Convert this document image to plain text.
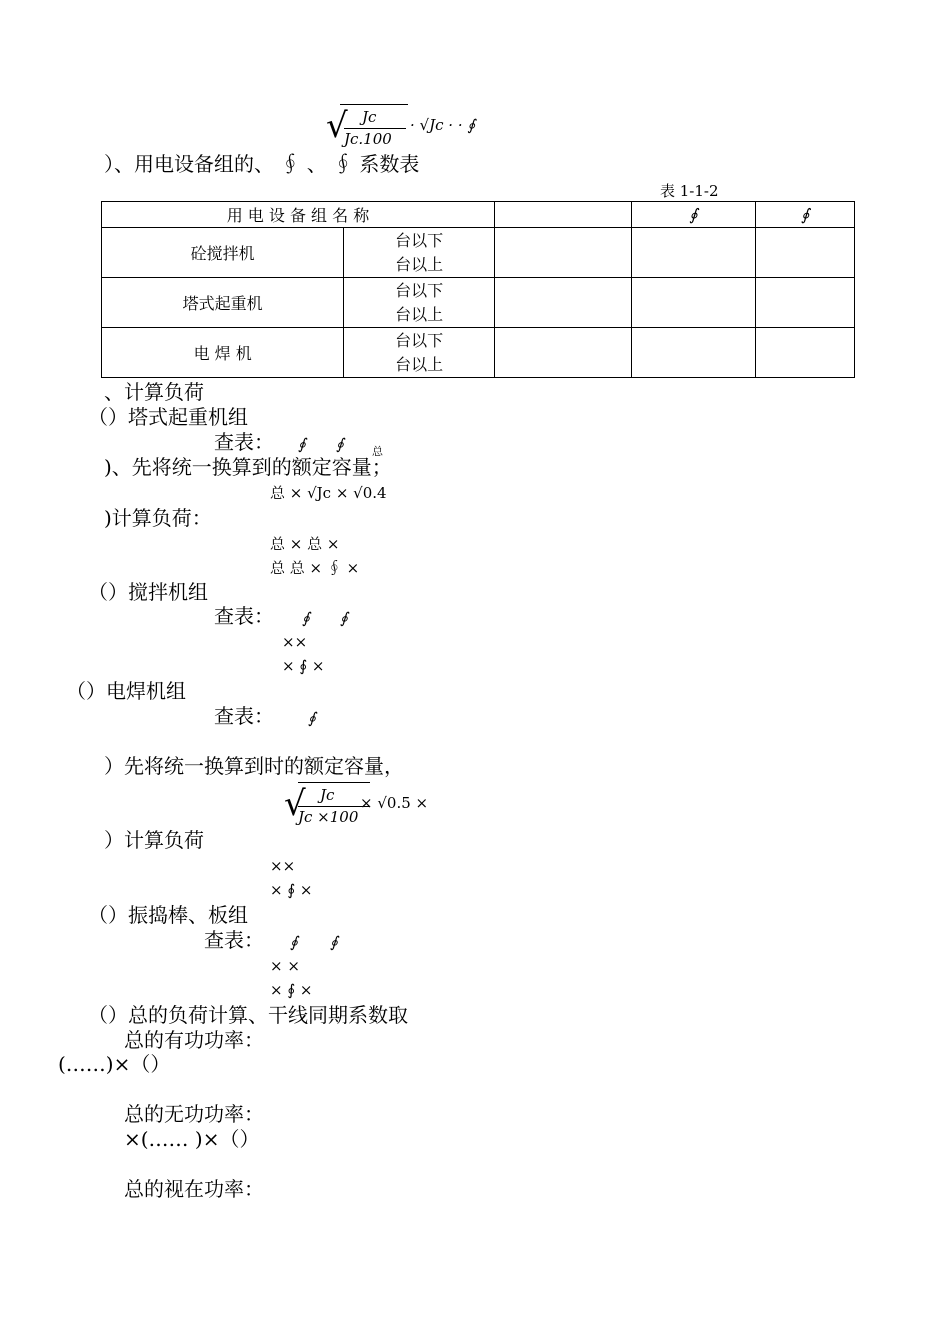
√ Jc
Jc.100
· √Jc · · ∮
）、用电设备组的、 ∮ 、 ∮ 系数表
表 1-1-2
用 电 设 备 组 名 称			∮	∮
砼搅拌机	台以下
台以上			
塔式起重机	台以下
台以上			
电 焊 机	台以下
台以上			
、计算负荷
（）塔式起重机组
查表： ∮ ∮	总
)、先将统一换算到的额定容量；
总 × √Jc × √0.4
)计算负荷：
总 × 总 ×
总 总 × ∮ ×
（）搅拌机组
查表： ∮ ∮
××
× ∮ ×
（）电焊机组
查表： ∮
）先将统一换算到时的额定容量，
√ Jc
Jc ×100
× √0.5 ×
）计算负荷
××
× ∮ ×
（）振捣棒、板组
查表： ∮ ∮
× ×
× ∮ ×
（）总的负荷计算、干线同期系数取
总的有功功率：
(……)×（）
总的无功功率：
×(…… )×（）
总的视在功率：
